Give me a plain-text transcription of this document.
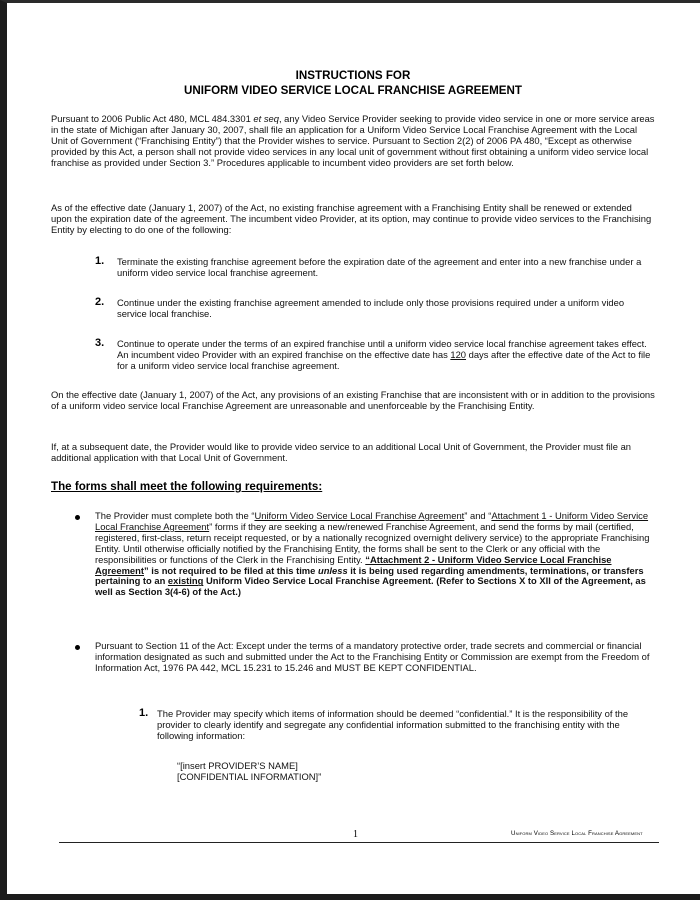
INSTRUCTIONS FOR
UNIFORM VIDEO SERVICE LOCAL FRANCHISE AGREEMENT

Pursuant to 2006 Public Act 480, MCL 484.3301 et seq, any Video Service Provider seeking to provide video service in one or more service areas in the state of Michigan after January 30, 2007, shall file an application for a Uniform Video Service Local Franchise Agreement with the Local Unit of Government (“Franchising Entity”) that the Provider wishes to service. Pursuant to Section 2(2) of 2006 PA 480, “Except as otherwise provided by this Act, a person shall not provide video services in any local unit of government without first obtaining a uniform video service local franchise as provided under Section 3.” Procedures applicable to incumbent video providers are set forth below.

As of the effective date (January 1, 2007) of the Act, no existing franchise agreement with a Franchising Entity shall be renewed or extended upon the expiration date of the agreement. The incumbent video Provider, at its option, may continue to provide video services to the Franchising Entity by electing to do one of the following:

1. Terminate the existing franchise agreement before the expiration date of the agreement and enter into a new franchise under a uniform video service local franchise agreement.

2. Continue under the existing franchise agreement amended to include only those provisions required under a uniform video service local franchise.

3. Continue to operate under the terms of an expired franchise until a uniform video service local franchise agreement takes effect. An incumbent video Provider with an expired franchise on the effective date has 120 days after the effective date of the Act to file for a uniform video service local franchise agreement.

On the effective date (January 1, 2007) of the Act, any provisions of an existing Franchise that are inconsistent with or in addition to the provisions of a uniform video service local Franchise Agreement are unreasonable and unenforceable by the Franchising Entity.

If, at a subsequent date, the Provider would like to provide video service to an additional Local Unit of Government, the Provider must file an additional application with that Local Unit of Government.

The forms shall meet the following requirements:

The Provider must complete both the “Uniform Video Service Local Franchise Agreement” and “Attachment 1 - Uniform Video Service Local Franchise Agreement” forms if they are seeking a new/renewed Franchise Agreement, and send the forms by mail (certified, registered, first-class, return receipt requested, or by a nationally recognized overnight delivery service) to the appropriate Franchising Entity. Until otherwise officially notified by the Franchising Entity, the forms shall be sent to the Clerk or any official with the responsibilities or functions of the Clerk in the Franchising Entity. “Attachment 2 - Uniform Video Service Local Franchise Agreement” is not required to be filed at this time unless it is being used regarding amendments, terminations, or transfers pertaining to an existing Uniform Video Service Local Franchise Agreement. (Refer to Sections X to XII of the Agreement, as well as Section 3(4-6) of the Act.)

Pursuant to Section 11 of the Act: Except under the terms of a mandatory protective order, trade secrets and commercial or financial information designated as such and submitted under the Act to the Franchising Entity or Commission are exempt from the Freedom of Information Act, 1976 PA 442, MCL 15.231 to 15.246 and MUST BE KEPT CONFIDENTIAL.

1. The Provider may specify which items of information should be deemed “confidential.” It is the responsibility of the provider to clearly identify and segregate any confidential information submitted to the franchising entity with the following information:

“[insert PROVIDER’S NAME]
[CONFIDENTIAL INFORMATION]”
1	Uniform Video Service Local Franchise Agreement
